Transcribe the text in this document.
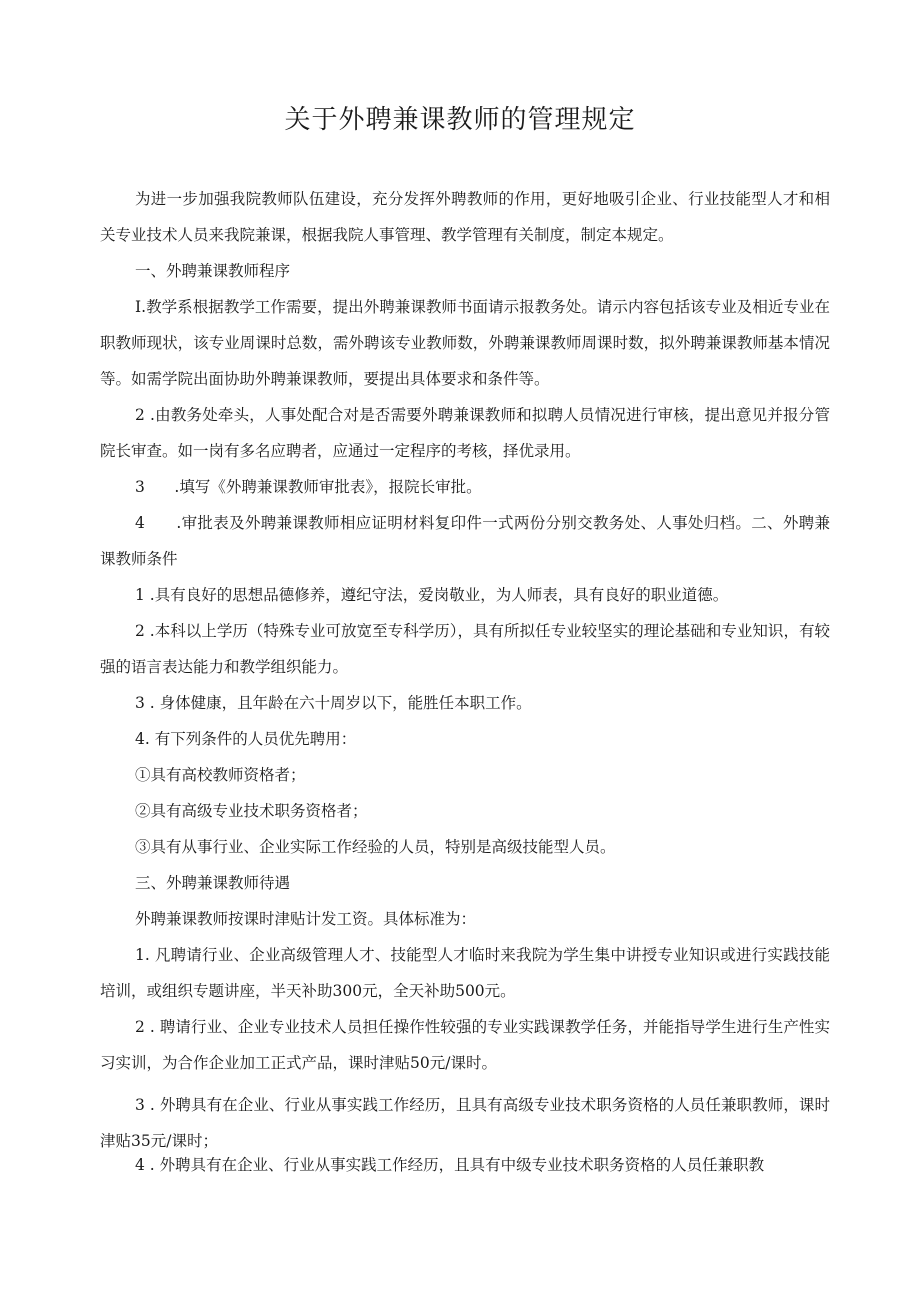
关于外聘兼课教师的管理规定

为进一步加强我院教师队伍建设，充分发挥外聘教师的作用，更好地吸引企业、行业技能型人才和相关专业技术人员来我院兼课，根据我院人事管理、教学管理有关制度，制定本规定。

一、外聘兼课教师程序

I.教学系根据教学工作需要，提出外聘兼课教师书面请示报教务处。请示内容包括该专业及相近专业在职教师现状，该专业周课时总数，需外聘该专业教师数，外聘兼课教师周课时数，拟外聘兼课教师基本情况等。如需学院出面协助外聘兼课教师，要提出具体要求和条件等。

2 .由教务处牵头，人事处配合对是否需要外聘兼课教师和拟聘人员情况进行审核，提出意见并报分管院长审查。如一岗有多名应聘者，应通过一定程序的考核，择优录用。

3      .填写《外聘兼课教师审批表》，报院长审批。

4      .审批表及外聘兼课教师相应证明材料复印件一式两份分别交教务处、人事处归档。二、外聘兼课教师条件

1 .具有良好的思想品德修养，遵纪守法，爱岗敬业，为人师表，具有良好的职业道德。

2 .本科以上学历（特殊专业可放宽至专科学历），具有所拟任专业较坚实的理论基础和专业知识，有较强的语言表达能力和教学组织能力。

3 . 身体健康，且年龄在六十周岁以下，能胜任本职工作。

4. 有下列条件的人员优先聘用：

①具有高校教师资格者；

②具有高级专业技术职务资格者；

③具有从事行业、企业实际工作经验的人员，特别是高级技能型人员。

三、外聘兼课教师待遇

外聘兼课教师按课时津贴计发工资。具体标准为：

1. 凡聘请行业、企业高级管理人才、技能型人才临时来我院为学生集中讲授专业知识或进行实践技能培训，或组织专题讲座，半天补助300元，全天补助500元。

2 . 聘请行业、企业专业技术人员担任操作性较强的专业实践课教学任务，并能指导学生进行生产性实习实训，为合作企业加工正式产品，课时津贴50元/课时。

3 . 外聘具有在企业、行业从事实践工作经历，且具有高级专业技术职务资格的人员任兼职教师，课时津贴35元/课时；

4 . 外聘具有在企业、行业从事实践工作经历，且具有中级专业技术职务资格的人员任兼职教
